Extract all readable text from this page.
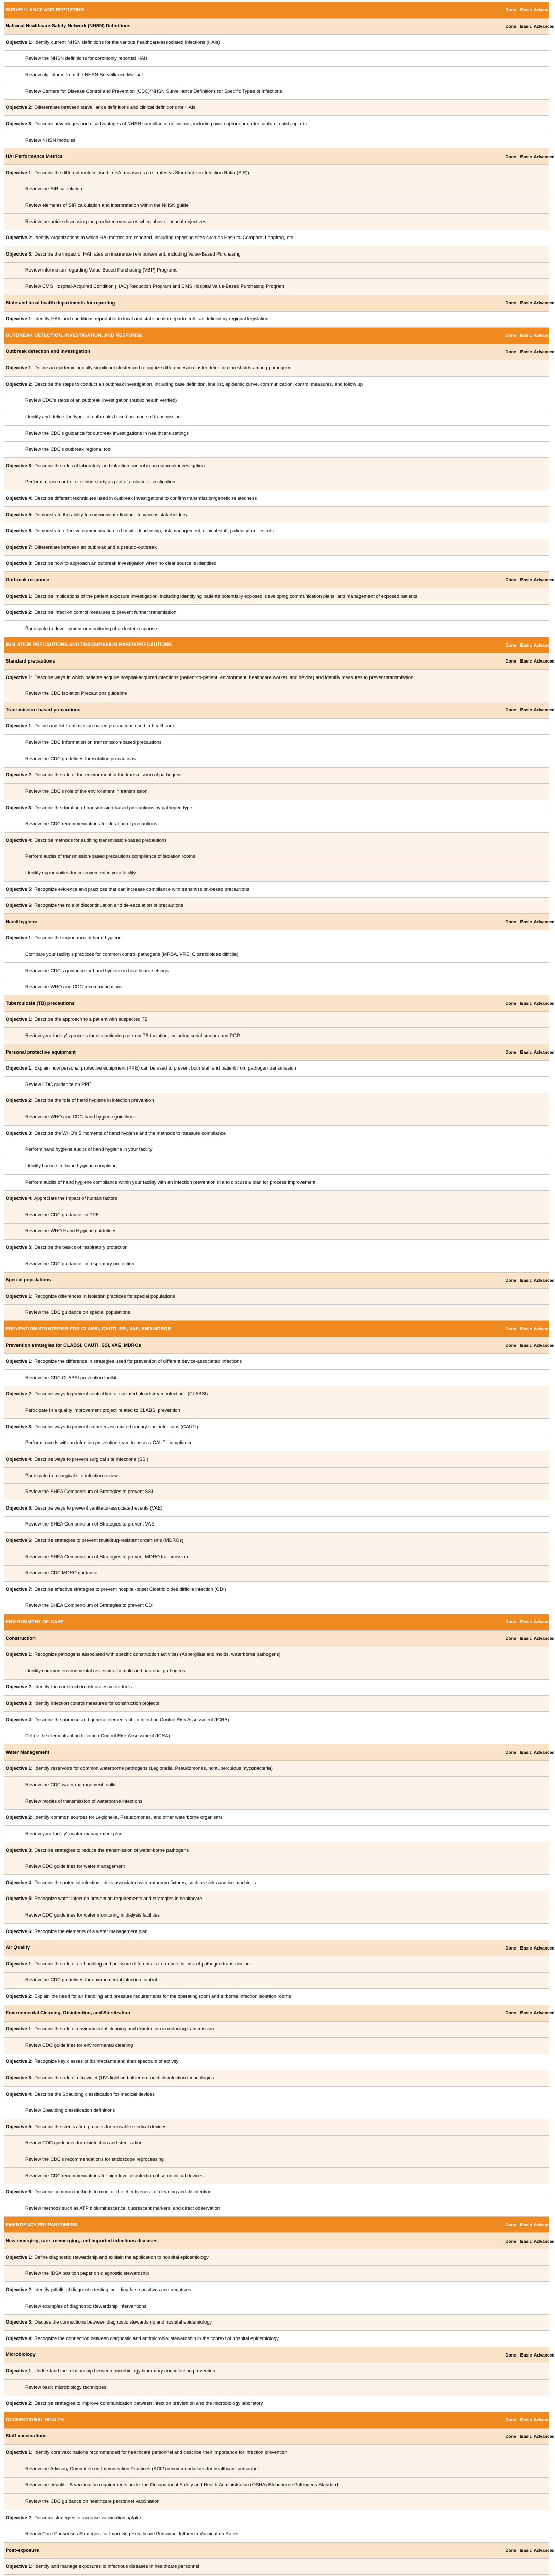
SURVEILLANCE AND REPORTING	Done Basic Advanced
National Healthcare Safety Network (NHSN) Definitions	Done Basic Advanced
Objective 1: Identify current NHSN definitions for the various healthcare-associated infections (HAIs)
Review the NHSN definitions for commonly reported HAIs
Review algorithms from the NHSN Surveillance Manual
Review Centers for Disease Control and Prevention (CDC)/NHSN Surveillance Definitions for Specific Types of Infections
Objective 2: Differentiate between surveillance definitions and clinical definitions for HAIs
Objective 3: Describe advantages and disadvantages of NHSN surveillance definitions, including over capture or under capture, catch-up, etc.
Review NHSN modules
HAI Performance Metrics	Done Basic Advanced
Objective 1: Describe the different metrics used in HAI measures (i.e., rates vs Standardized Infection Ratio (SIR))
Review the SIR calculation
Review elements of SIR calculation and interpretation within the NHSN guide
Review the article discussing the predicted measures when above national objectives
Objective 2: Identify organizations to which HAI metrics are reported, including reporting sites such as Hospital Compare, Leapfrog, etc.
Objective 3: Describe the impact of HAI rates on insurance reimbursement, including Value-Based Purchasing
Review information regarding Value-Based Purchasing (VBP) Programs
Review CMS Hospital-Acquired Condition (HAC) Reduction Program and CMS Hospital Value-Based Purchasing Program
State and local health departments for reporting	Done Basic Advanced
Objective 1: Identify HAIs and conditions reportable to local and state health departments, as defined by regional legislation
OUTBREAK DETECTION, INVESTIGATION, AND RESPONSE	Done Basic Advanced
Outbreak detection and investigation	Done Basic Advanced
Objective 1: Define an epidemiologically significant cluster and recognize differences in cluster detection thresholds among pathogens
Objective 2: Describe the steps to conduct an outbreak investigation, including case definition, line list, epidemic curve, communication, control measures, and follow up
Review CDC's steps of an outbreak investigation (public health verified)
Identify and define the types of outbreaks based on mode of transmission
Review the CDC's guidance for outbreak investigations in healthcare settings
Review the CDC's outbreak regional tool
Objective 3: Describe the roles of laboratory and infection control in an outbreak investigation
Perform a case control or cohort study as part of a cluster investigation
Objective 4: Describe different techniques used in outbreak investigations to confirm transmission/genetic relatedness
Objective 5: Demonstrate the ability to communicate findings to various stakeholders
Objective 6: Demonstrate effective communication to hospital leadership, risk management, clinical staff, patients/families, etc.
Objective 7: Differentiate between an outbreak and a pseudo-outbreak
Objective 8: Describe how to approach an outbreak investigation when no clear source is identified
Outbreak response	Done Basic Advanced
Objective 1: Describe implications of the patient exposure investigation, including identifying patients potentially exposed, developing communication plans, and management of exposed patients
Objective 2: Describe infection control measures to prevent further transmission
Participate in development or monitoring of a cluster response
ISOLATION PRECAUTIONS AND TRANSMISSION-BASED PRECAUTIONS	Done Basic Advanced
Standard precautions	Done Basic Advanced
Objective 1: Describe ways in which patients acquire hospital-acquired infections (patient-to-patient, environment, healthcare worker, and device) and identify measures to prevent transmission
Review the CDC Isolation Precautions guideline
Transmission-based precautions	Done Basic Advanced
Objective 1: Define and list transmission-based precautions used in healthcare
Review the CDC Information on transmission-based precautions
Review the CDC guidelines for isolation precautions
Objective 2: Describe the role of the environment in the transmission of pathogens
Review the CDC's role of the environment in transmission
Objective 3: Describe the duration of transmission-based precautions by pathogen type
Review the CDC recommendations for duration of precautions
Objective 4: Describe methods for auditing transmission-based precautions
Perform audits of transmission-based precautions compliance of isolation rooms
Identify opportunities for improvement in your facility
Objective 5: Recognize evidence and practices that can increase compliance with transmission-based precautions
Objective 6: Recognize the role of discontinuation and de-escalation of precautions
Hand hygiene	Done Basic Advanced
Objective 1: Describe the importance of hand hygiene
Compare your facility's practices for common control pathogens (MRSA, VRE, Clostridioides difficile)
Review the CDC's guidance for hand hygiene in healthcare settings
Review the WHO and CDC recommendations
Tuberculosis (TB) precautions	Done Basic Advanced
Objective 1: Describe the approach to a patient with suspected TB
Review your facility's process for discontinuing rule-out TB isolation, including serial smears and PCR
Personal protective equipment	Done Basic Advanced
Objective 1: Explain how personal protective equipment (PPE) can be used to prevent both staff and patient from pathogen transmission
Review CDC guidance on PPE
Objective 2: Describe the role of hand hygiene in infection prevention
Review the WHO and CDC hand hygiene guidelines
Objective 3: Describe the WHO's 5 moments of hand hygiene and the methods to measure compliance
Perform hand hygiene audits of hand hygiene in your facility
Identify barriers to hand hygiene compliance
Perform audits of hand hygiene compliance within your facility with an infection preventionist and discuss a plan for process improvement
Objective 4: Appreciate the impact of human factors
Review the CDC guidance on PPE
Review the WHO Hand Hygiene guidelines
Objective 5: Describe the basics of respiratory protection
Review the CDC guidance on respiratory protection
Special populations	Done Basic Advanced
Objective 1: Recognize differences in isolation practices for special populations
Review the CDC guidance on special populations
PREVENTION STRATEGIES FOR CLABSI, CAUTI, SSI, VAE, AND MDROS	Done Basic Advanced
Prevention strategies for CLABSI, CAUTI, SSI, VAE, MDROs	Done Basic Advanced
Objective 1: Recognize the difference in strategies used for prevention of different device-associated infections
Review the CDC CLABSI prevention toolkit
Objective 2: Describe ways to prevent central line-associated bloodstream infections (CLABSI)
Participate in a quality improvement project related to CLABSI prevention
Objective 3: Describe ways to prevent catheter-associated urinary tract infections (CAUTI)
Perform rounds with an infection prevention team to assess CAUTI compliance
Objective 4: Describe ways to prevent surgical site infections (SSI)
Participate in a surgical site infection review
Review the SHEA Compendium of Strategies to prevent SSI
Objective 5: Describe ways to prevent ventilator-associated events (VAE)
Review the SHEA Compendium of Strategies to prevent VAE
Objective 6: Describe strategies to prevent multidrug-resistant organisms (MDROs)
Review the SHEA Compendium of Strategies to prevent MDRO transmission
Review the CDC MDRO guidance
Objective 7: Describe effective strategies to prevent hospital-onset Clostridioides difficile infection (CDI)
Review the SHEA Compendium of Strategies to prevent CDI
ENVIRONMENT OF CARE	Done Basic Advanced
Construction	Done Basic Advanced
Objective 1: Recognize pathogens associated with specific construction activities (Aspergillus and molds, waterborne pathogens)
Identify common environmental reservoirs for mold and bacterial pathogens
Objective 2: Identify the construction risk assessment tools
Objective 3: Identify infection control measures for construction projects
Objective 4: Describe the purpose and general elements of an Infection Control Risk Assessment (ICRA)
Define the elements of an Infection Control Risk Assessment (ICRA)
Water Management	Done Basic Advanced
Objective 1: Identify reservoirs for common waterborne pathogens (Legionella, Pseudomonas, nontuberculous mycobacteria)
Review the CDC water management toolkit
Review modes of transmission of waterborne infections
Objective 2: Identify common sources for Legionella, Pseudomonas, and other waterborne organisms
Review your facility's water management plan
Objective 3: Describe strategies to reduce the transmission of water-borne pathogens
Review CDC guidelines for water management
Objective 4: Describe the potential infectious risks associated with bathroom fixtures, such as sinks and ice machines
Objective 5: Recognize water infection prevention requirements and strategies in healthcare
Review CDC guidelines for water monitoring in dialysis facilities
Objective 6: Recognize the elements of a water management plan
Air Quality	Done Basic Advanced
Objective 1: Describe the role of air handling and pressure differentials to reduce the risk of pathogen transmission
Review the CDC guidelines for environmental infection control
Objective 2: Explain the need for air handling and pressure requirements for the operating room and airborne infection isolation rooms
Environmental Cleaning, Disinfection, and Sterilization	Done Basic Advanced
Objective 1: Describe the role of environmental cleaning and disinfection in reducing transmission
Review CDC guidelines for environmental cleaning
Objective 2: Recognize key classes of disinfectants and their spectrum of activity
Objective 3: Describe the role of ultraviolet (UV) light and other no-touch disinfection technologies
Objective 4: Describe the Spaulding classification for medical devices
Review Spaulding classification definitions
Objective 5: Describe the sterilization process for reusable medical devices
Review CDC guidelines for disinfection and sterilization
Review the CDC's recommendations for endoscope reprocessing
Review the CDC recommendations for high level disinfection of semi-critical devices
Objective 6: Describe common methods to monitor the effectiveness of cleaning and disinfection
Review methods such as ATP bioluminescence, fluorescent markers, and direct observation
EMERGENCY PREPAREDNESS	Done Basic Advanced
New emerging, rare, reemerging, and imported infectious diseases	Done Basic Advanced
Objective 1: Define diagnostic stewardship and explain the application to hospital epidemiology
Review the IDSA position paper on diagnostic stewardship
Objective 2: Identify pitfalls of diagnostic testing including false positives and negatives
Review examples of diagnostic stewardship interventions
Objective 3: Discuss the connections between diagnostic stewardship and hospital epidemiology
Objective 4: Recognize the connection between diagnostic and antimicrobial stewardship in the context of hospital epidemiology
Microbiology	Done Basic Advanced
Objective 1: Understand the relationship between microbiology laboratory and infection prevention
Review basic microbiology techniques
Objective 2: Describe strategies to improve communication between infection prevention and the microbiology laboratory
OCCUPATIONAL HEALTH	Done Basic Advanced
Staff vaccinations	Done Basic Advanced
Objective 1: Identify core vaccinations recommended for healthcare personnel and describe their importance for infection prevention
Review the Advisory Committee on Immunization Practices (ACIP) recommendations for healthcare personnel
Review the hepatitis B vaccination requirements under the Occupational Safety and Health Administration (OSHA) Bloodborne Pathogens Standard
Review the CDC guidance on healthcare personnel vaccination
Objective 2: Describe strategies to increase vaccination uptake
Review Core Consensus Strategies for Improving Healthcare Personnel Influenza Vaccination Rates
Post-exposure	Done Basic Advanced
Objective 1: Identify and manage exposures to infectious diseases in healthcare personnel
